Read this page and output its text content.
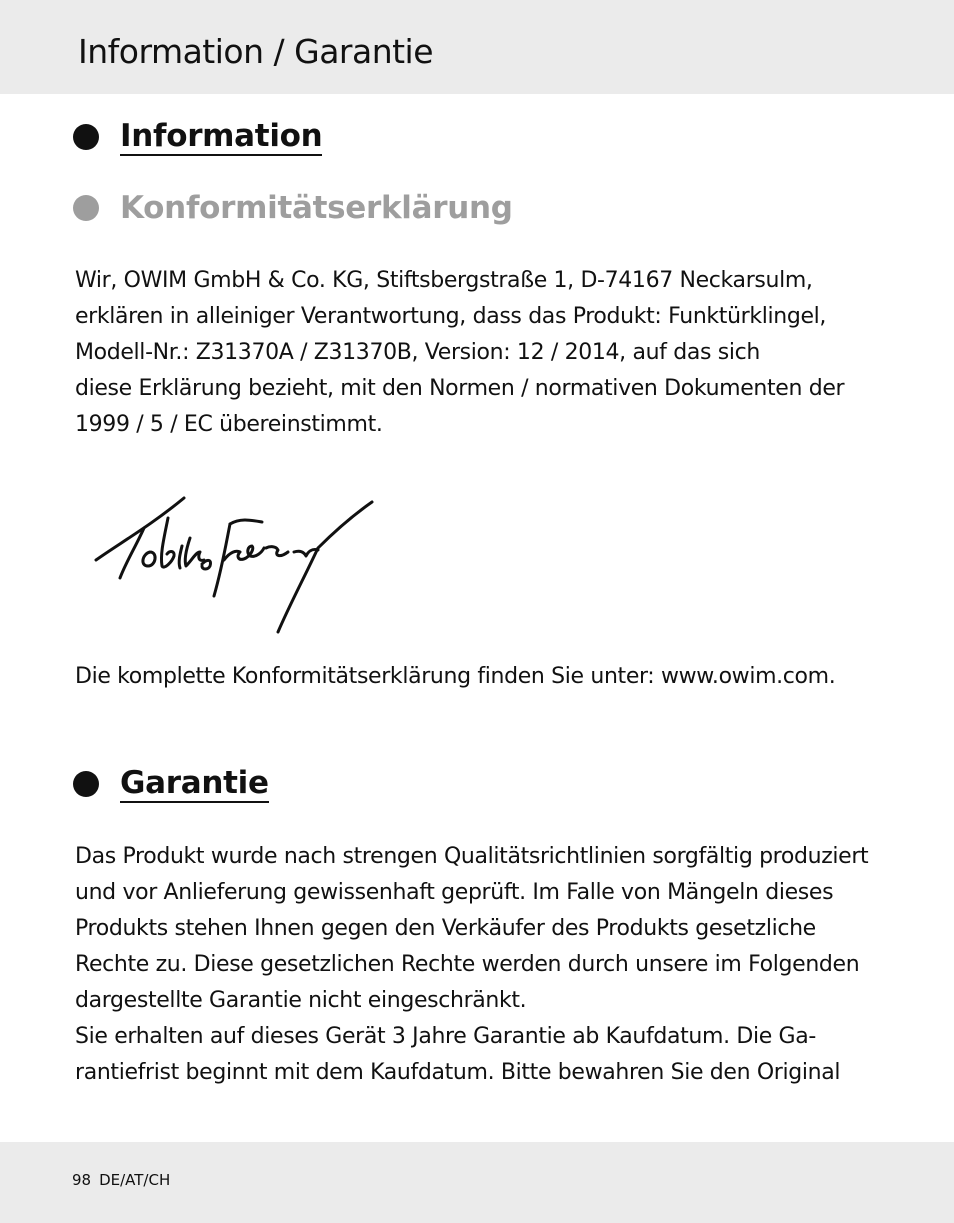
Information / Garantie
Information
Konformitätserklärung
Wir, OWIM GmbH & Co. KG, Stiftsbergstraße 1, D-74167 Neckarsulm,
erklären in alleiniger Verantwortung, dass das Produkt: Funktürklingel,
Modell-Nr.: Z31370A / Z31370B, Version: 12 / 2014, auf das sich
diese Erklärung bezieht, mit den Normen / normativen Dokumenten der
1999 / 5 / EC übereinstimmt.
Die komplette Konformitätserklärung finden Sie unter: www.owim.com.
Garantie
Das Produkt wurde nach strengen Qualitätsrichtlinien sorgfältig produziert
und vor Anlieferung gewissenhaft geprüft. Im Falle von Mängeln dieses
Produkts stehen Ihnen gegen den Verkäufer des Produkts gesetzliche
Rechte zu. Diese gesetzlichen Rechte werden durch unsere im Folgenden
dargestellte Garantie nicht eingeschränkt.
Sie erhalten auf dieses Gerät 3 Jahre Garantie ab Kaufdatum. Die Ga-
rantiefrist beginnt mit dem Kaufdatum. Bitte bewahren Sie den Original
98 DE/AT/CH
